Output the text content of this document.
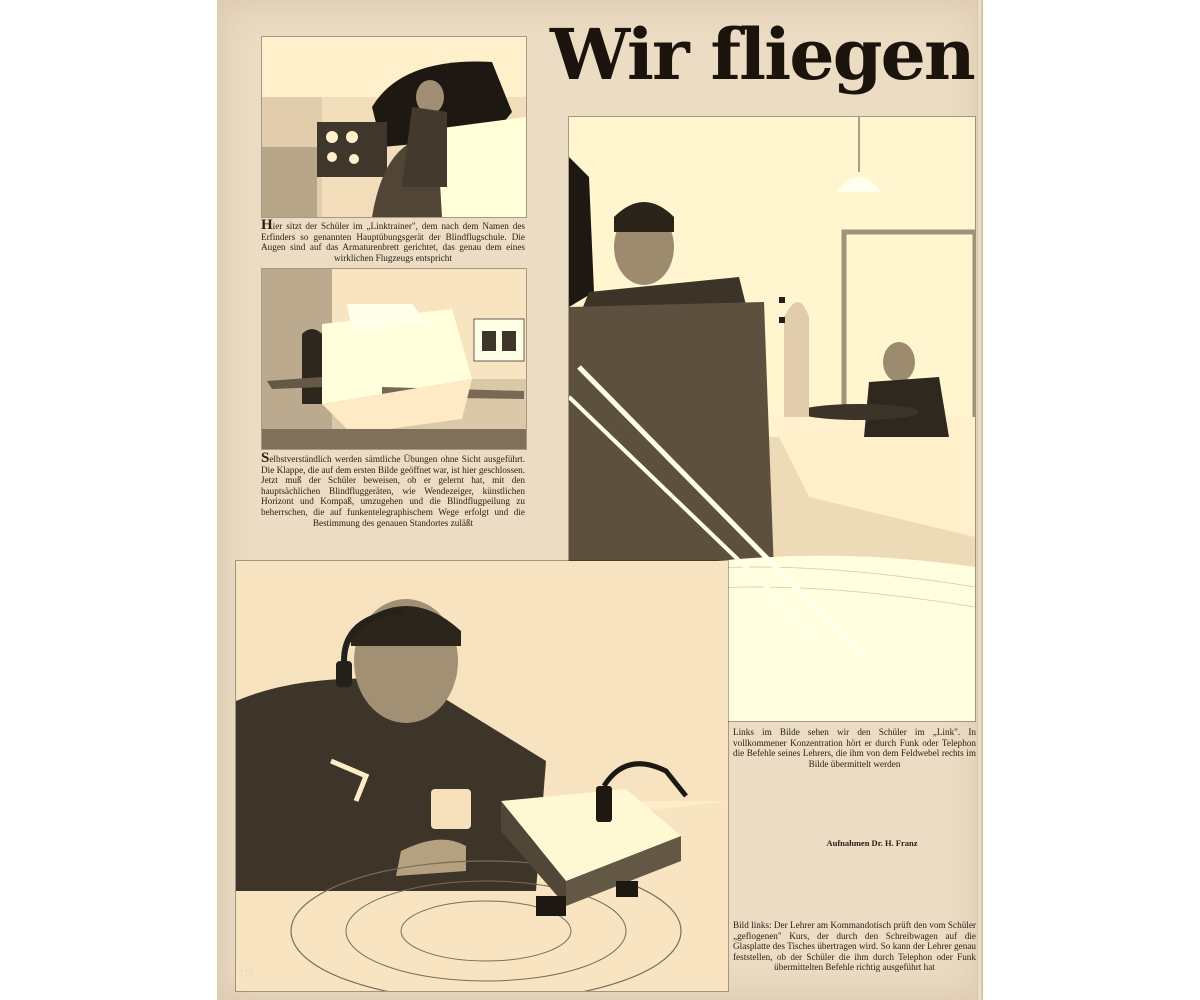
Wir fliegen

Hier sitzt der Schüler im „Linktrainer", dem nach dem Namen des Erfinders so genannten Hauptübungsgerät der Blindflugschule. Die Augen sind auf das Armaturenbrett gerichtet, das genau dem eines wirklichen Flugzeugs entspricht

Selbstverständlich werden sämtliche Übungen ohne Sicht ausgeführt. Die Klappe, die auf dem ersten Bilde geöffnet war, ist hier geschlossen. Jetzt muß der Schüler beweisen, ob er gelernt hat, mit den hauptsächlichen Blindfluggeräten, wie Wendezeiger, künstlichen Horizont und Kompaß, umzugehen und die Blindflugpeilung zu beherrschen, die auf funkentelegraphischem Wege erfolgt und die Bestimmung des genauen Standortes zuläßt

Links im Bilde sehen wir den Schüler im „Link". In vollkommener Konzentration hört er durch Funk oder Telephon die Befehle seines Lehrers, die ihm von dem Feldwebel rechts im Bilde übermittelt werden

Aufnahmen Dr. H. Franz

110

Bild links: Der Lehrer am Kommandotisch prüft den vom Schüler „geflogenen" Kurs, der durch den Schreibwagen auf die Glasplatte des Tisches übertragen wird. So kann der Lehrer genau feststellen, ob der Schüler die ihm durch Telephon oder Funk übermittelten Befehle richtig ausgeführt hat
